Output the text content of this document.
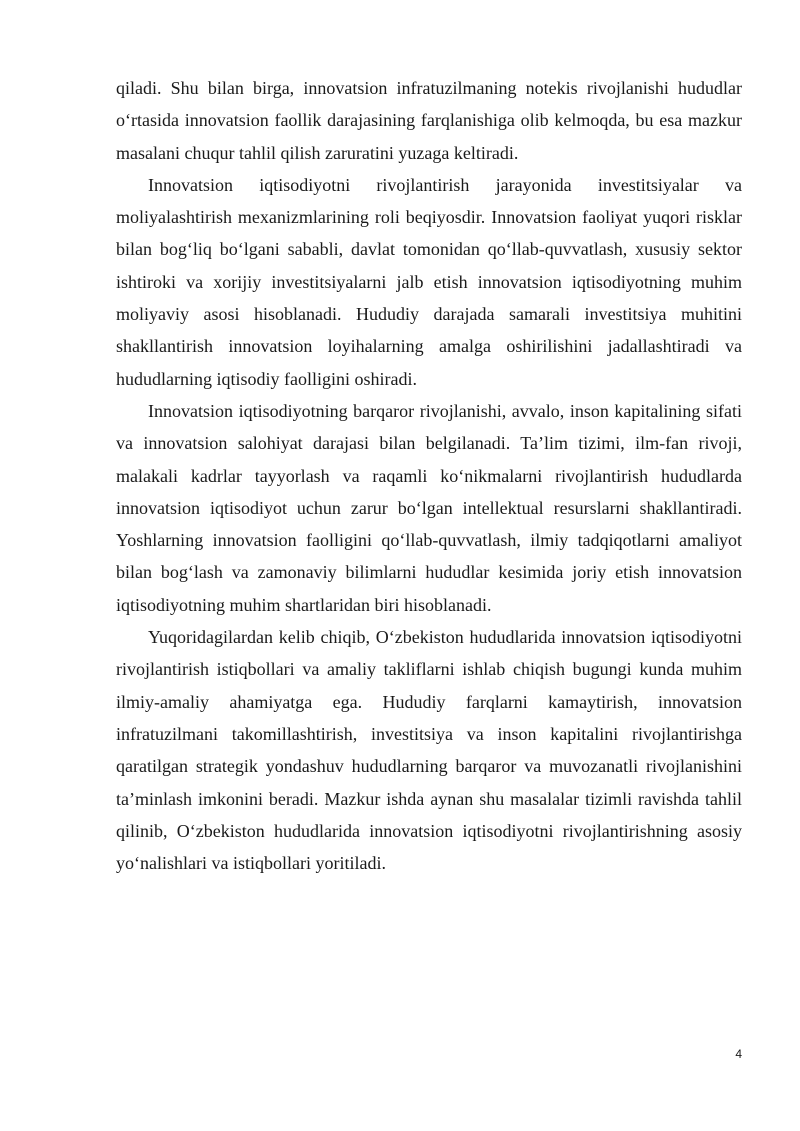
qiladi. Shu bilan birga, innovatsion infratuzilmaning notekis rivojlanishi hududlar o‘rtasida innovatsion faollik darajasining farqlanishiga olib kelmoqda, bu esa mazkur masalani chuqur tahlil qilish zaruratini yuzaga keltiradi.

Innovatsion iqtisodiyotni rivojlantirish jarayonida investitsiyalar va moliyalashtirish mexanizmlarining roli beqiyosdir. Innovatsion faoliyat yuqori risklar bilan bog‘liq bo‘lgani sababli, davlat tomonidan qo‘llab-quvvatlash, xususiy sektor ishtiroki va xorijiy investitsiyalarni jalb etish innovatsion iqtisodiyotning muhim moliyaviy asosi hisoblanadi. Hududiy darajada samarali investitsiya muhitini shakllantirish innovatsion loyihalarning amalga oshirilishini jadallashtiradi va hududlarning iqtisodiy faolligini oshiradi.

Innovatsion iqtisodiyotning barqaror rivojlanishi, avvalo, inson kapitalining sifati va innovatsion salohiyat darajasi bilan belgilanadi. Ta’lim tizimi, ilm-fan rivoji, malakali kadrlar tayyorlash va raqamli ko‘nikmalarni rivojlantirish hududlarda innovatsion iqtisodiyot uchun zarur bo‘lgan intellektual resurslarni shakllantiradi. Yoshlarning innovatsion faolligini qo‘llab-quvvatlash, ilmiy tadqiqotlarni amaliyot bilan bog‘lash va zamonaviy bilimlarni hududlar kesimida joriy etish innovatsion iqtisodiyotning muhim shartlaridan biri hisoblanadi.

Yuqoridagilardan kelib chiqib, O‘zbekiston hududlarida innovatsion iqtisodiyotni rivojlantirish istiqbollari va amaliy takliflarni ishlab chiqish bugungi kunda muhim ilmiy-amaliy ahamiyatga ega. Hududiy farqlarni kamaytirish, innovatsion infratuzilmani takomillashtirish, investitsiya va inson kapitalini rivojlantirishga qaratilgan strategik yondashuv hududlarning barqaror va muvozanatli rivojlanishini ta’minlash imkonini beradi. Mazkur ishda aynan shu masalalar tizimli ravishda tahlil qilinib, O‘zbekiston hududlarida innovatsion iqtisodiyotni rivojlantirishning asosiy yo‘nalishlari va istiqbollari yoritiladi.

4
